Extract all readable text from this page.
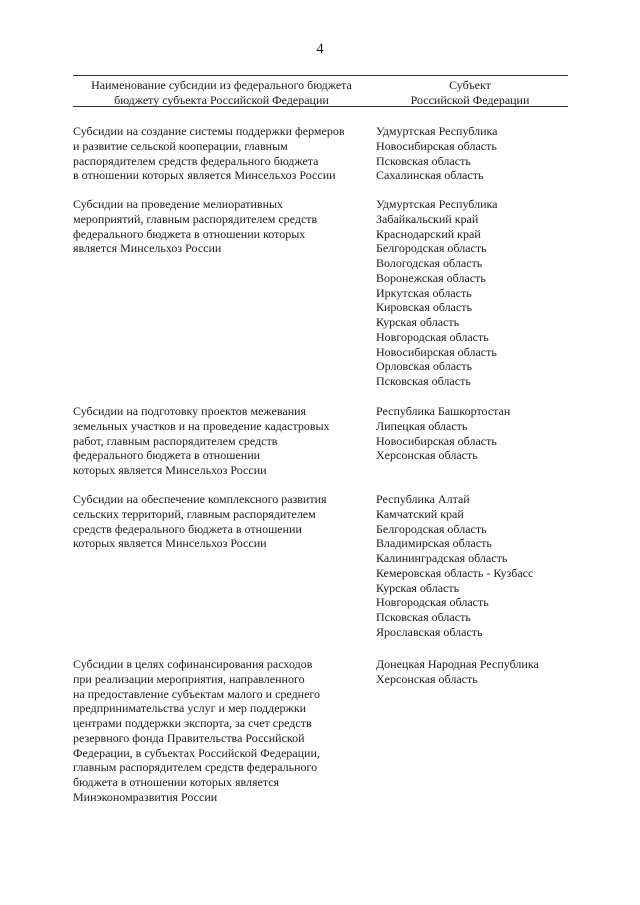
4
Наименование субсидии из федерального бюджета
бюджету субъекта Российской Федерации
Субъект
Российской Федерации
Субсидии на создание системы поддержки фермеров
и развитие сельской кооперации, главным
распорядителем средств федерального бюджета
в отношении которых является Минсельхоз России
Удмуртская Республика
Новосибирская область
Псковская область
Сахалинская область
Субсидии на проведение мелиоративных
мероприятий, главным распорядителем средств
федерального бюджета в отношении которых
является Минсельхоз России
Удмуртская Республика
Забайкальский край
Краснодарский край
Белгородская область
Вологодская область
Воронежская область
Иркутская область
Кировская область
Курская область
Новгородская область
Новосибирская область
Орловская область
Псковская область
Субсидии на подготовку проектов межевания
земельных участков и на проведение кадастровых
работ, главным распорядителем средств
федерального бюджета в отношении
которых является Минсельхоз России
Республика Башкортостан
Липецкая область
Новосибирская область
Херсонская область
Субсидии на обеспечение комплексного развития
сельских территорий, главным распорядителем
средств федерального бюджета в отношении
которых является Минсельхоз России
Республика Алтай
Камчатский край
Белгородская область
Владимирская область
Калининградская область
Кемеровская область - Кузбасс
Курская область
Новгородская область
Псковская область
Ярославская область
Субсидии в целях софинансирования расходов
при реализации мероприятия, направленного
на предоставление субъектам малого и среднего
предпринимательства услуг и мер поддержки
центрами поддержки экспорта, за счет средств
резервного фонда Правительства Российской
Федерации, в субъектах Российской Федерации,
главным распорядителем средств федерального
бюджета в отношении которых является
Минэкономразвития России
Донецкая Народная Республика
Херсонская область
